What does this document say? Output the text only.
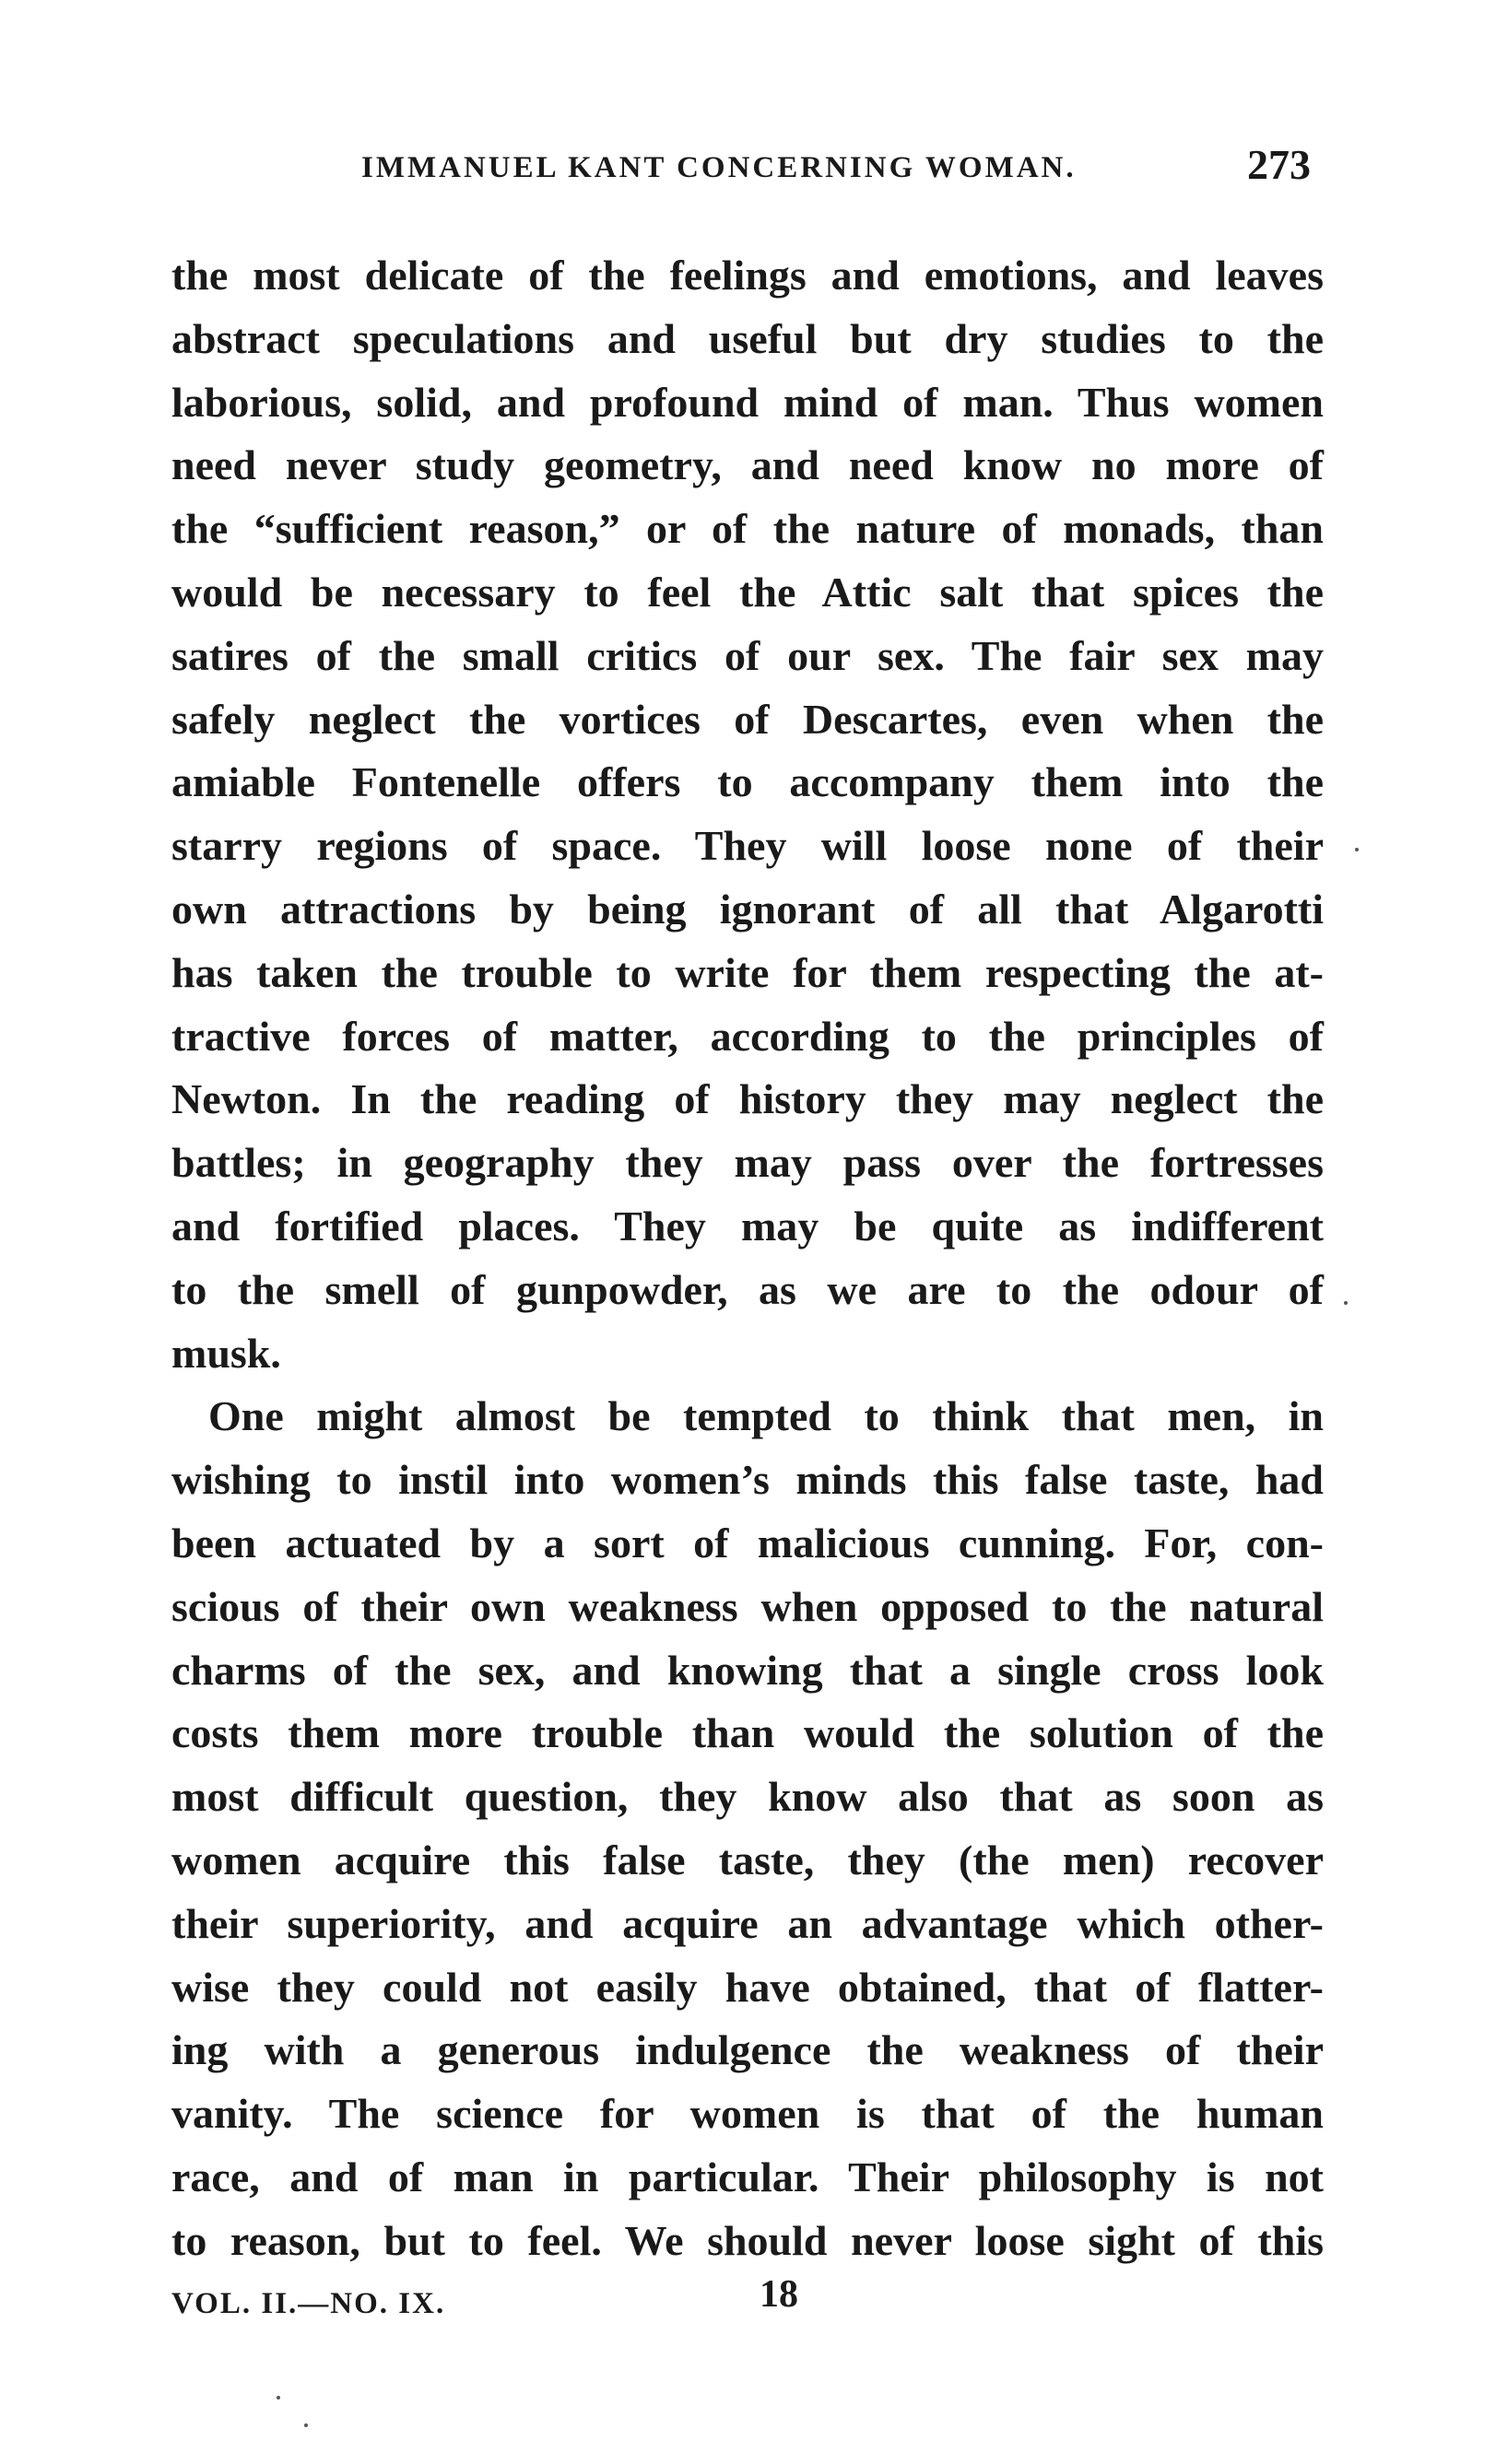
IMMANUEL KANT CONCERNING WOMAN.	273
the most delicate of the feelings and emotions, and leaves
abstract speculations and useful but dry studies to the
laborious, solid, and profound mind of man. Thus women
need never study geometry, and need know no more of
the “sufficient reason,” or of the nature of monads, than
would be necessary to feel the Attic salt that spices the
satires of the small critics of our sex. The fair sex may
safely neglect the vortices of Descartes, even when the
amiable Fontenelle offers to accompany them into the
starry regions of space. They will loose none of their
own attractions by being ignorant of all that Algarotti
has taken the trouble to write for them respecting the at-
tractive forces of matter, according to the principles of
Newton. In the reading of history they may neglect the
battles; in geography they may pass over the fortresses
and fortified places. They may be quite as indifferent
to the smell of gunpowder, as we are to the odour of
musk.
One might almost be tempted to think that men, in
wishing to instil into women’s minds this false taste, had
been actuated by a sort of malicious cunning. For, con-
scious of their own weakness when opposed to the natural
charms of the sex, and knowing that a single cross look
costs them more trouble than would the solution of the
most difficult question, they know also that as soon as
women acquire this false taste, they (the men) recover
their superiority, and acquire an advantage which other-
wise they could not easily have obtained, that of flatter-
ing with a generous indulgence the weakness of their
vanity. The science for women is that of the human
race, and of man in particular. Their philosophy is not
to reason, but to feel. We should never loose sight of this
VOL. II.—NO. IX.	18
